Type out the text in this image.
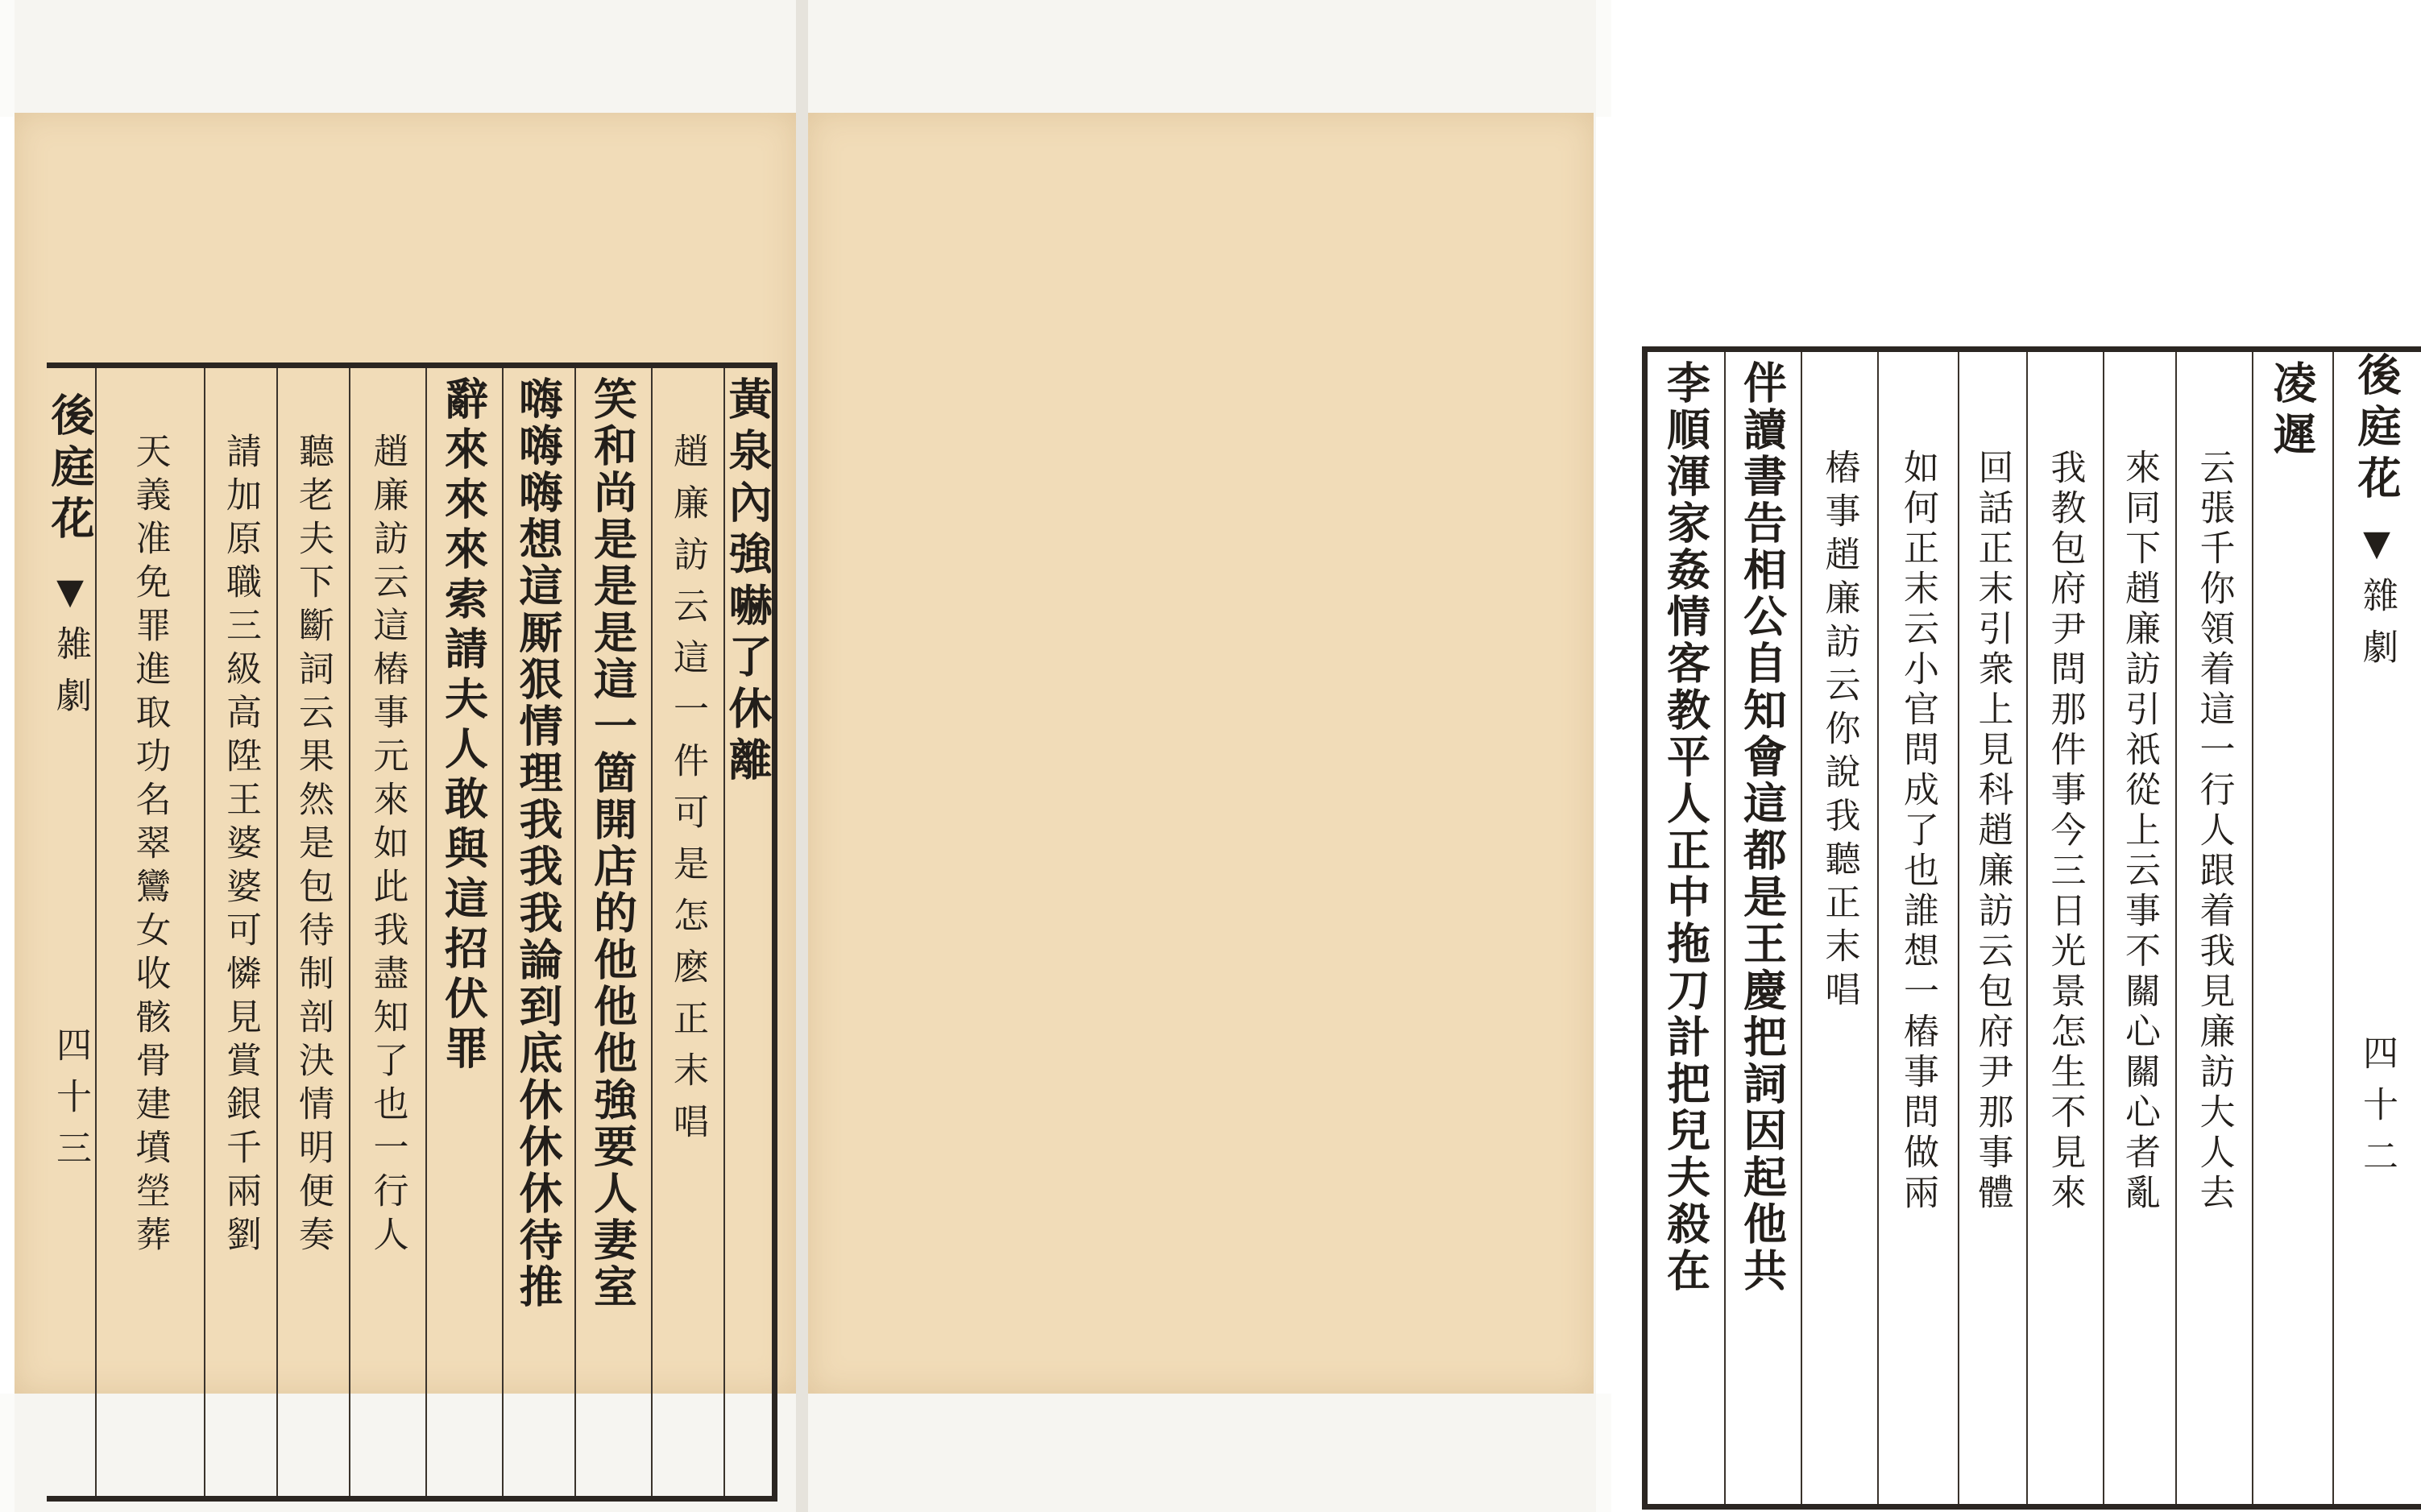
後庭花
▼
雑劇
四十三
黃泉內強嚇了休離
趙廉訪云這一件可是怎麽正末唱
笑和尚是是是這一箇開店的他他他強要人妻室
嗨嗨嗨想這厮狠情理我我我論到底休休休待推
辭來來來索請夫人敢與這招伏罪
趙廉訪云這樁事元來如此我盡知了也一行人
聽老夫下斷詞云果然是包待制剖決情明便奏
請加原職三級高陞王婆婆可憐見賞銀千兩劉
天義准免罪進取功名翠鸞女收骸骨建墳塋葬
凌遲
云張千你領着這一行人跟着我見廉訪大人去
來同下趙廉訪引祇從上云事不關心關心者亂
我教包府尹問那件事今三日光景怎生不見來
回話正末引衆上見科趙廉訪云包府尹那事體
如何正末云小官問成了也誰想一樁事問做兩
樁事趙廉訪云你說我聽正末唱
伴讀書告相公自知會這都是王慶把詞因起他共
李順渾家姦情客教平人正中拖刀計把兒夫殺在	後庭花
▼
雜劇
四十二
